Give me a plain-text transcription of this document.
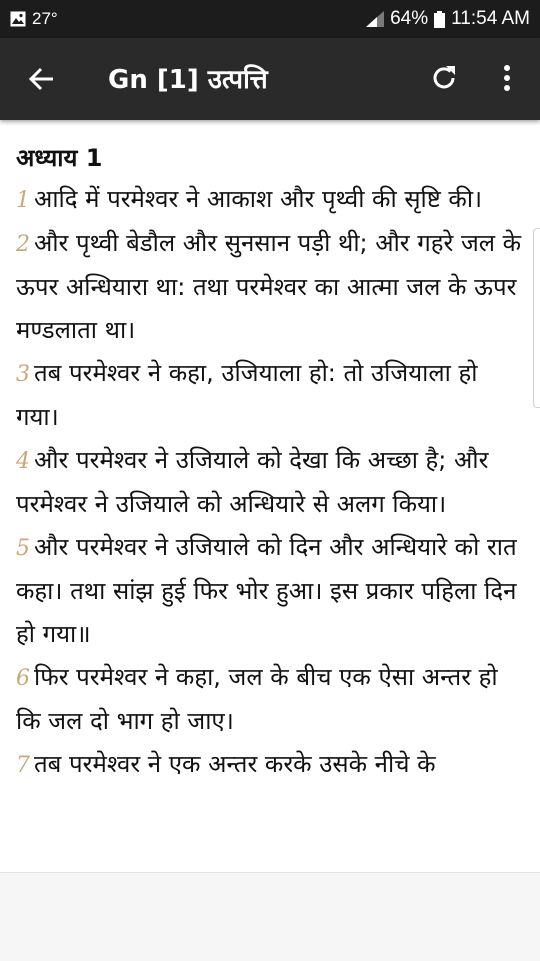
27°	64% 11:54 AM
Gn [1] उत्पत्ति
अध्याय 1
1 आदि में परमेश्वर ने आकाश और पृथ्वी की सृष्टि की।
2 और पृथ्वी बेडौल और सुनसान पड़ी थी; और गहरे जल के ऊपर अन्धियारा था: तथा परमेश्वर का आत्मा जल के ऊपर मण्डलाता था।
3 तब परमेश्वर ने कहा, उजियाला हो: तो उजियाला हो गया।
4 और परमेश्वर ने उजियाले को देखा कि अच्छा है; और परमेश्वर ने उजियाले को अन्धियारे से अलग किया।
5 और परमेश्वर ने उजियाले को दिन और अन्धियारे को रात कहा। तथा सांझ हुई फिर भोर हुआ। इस प्रकार पहिला दिन हो गया॥
6 फिर परमेश्वर ने कहा, जल के बीच एक ऐसा अन्तर हो कि जल दो भाग हो जाए।
7 तब परमेश्वर ने एक अन्तर करके उसके नीचे के
